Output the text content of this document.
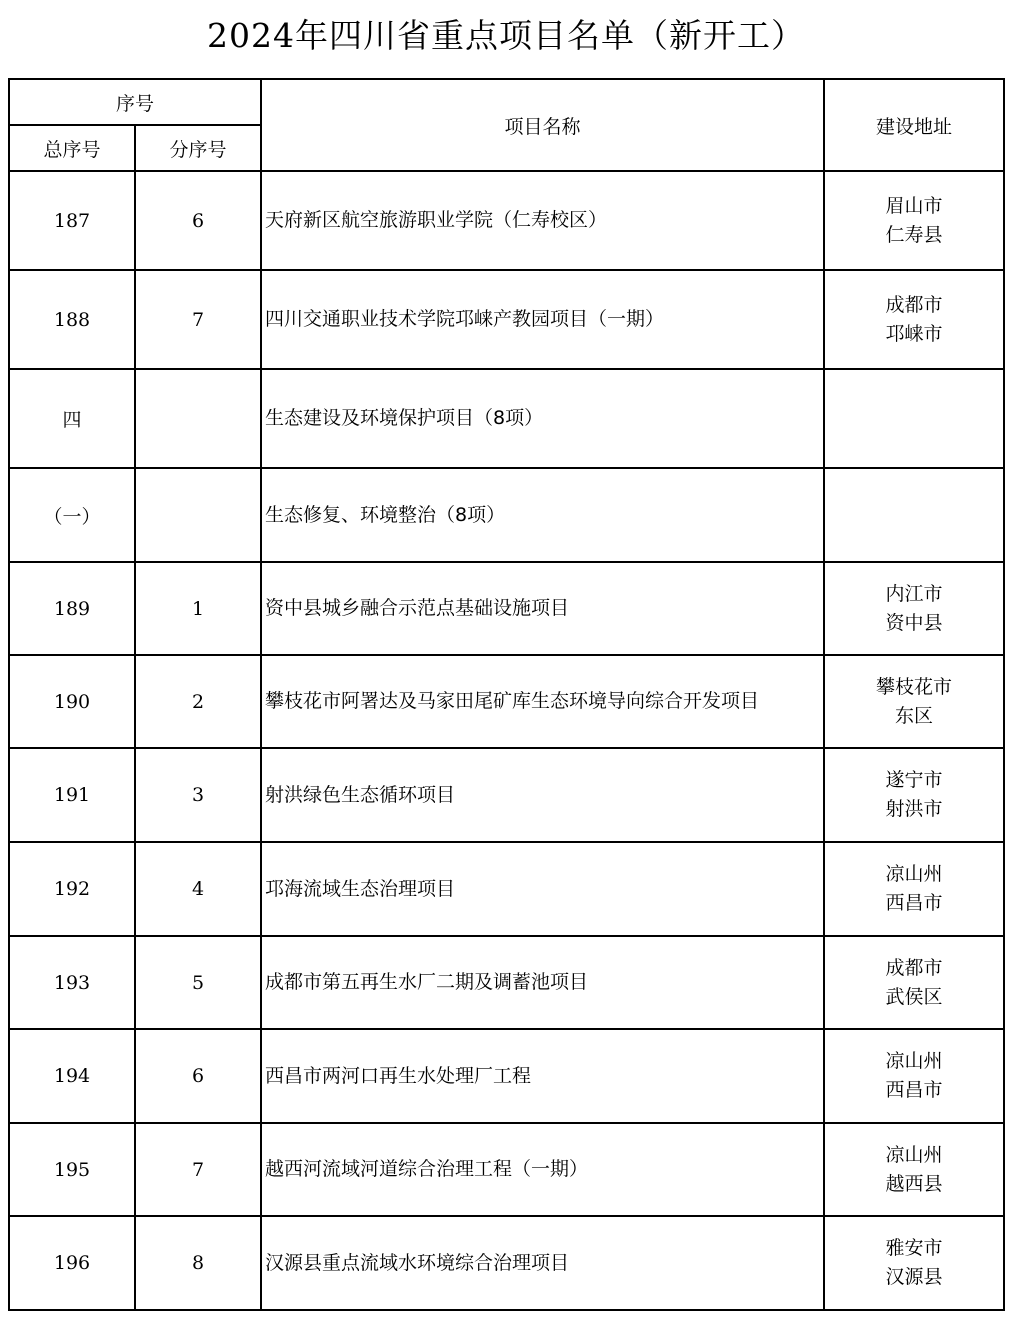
2024年四川省重点项目名单（新开工）
序号		项目名称	建设地址
总序号	分序号		
187	6	天府新区航空旅游职业学院（仁寿校区）	眉山市
仁寿县

188	7	四川交通职业技术学院邛崃产教园项目（一期）	成都市
邛崃市

四		生态建设及环境保护项目（8项）	

（一）		生态修复、环境整治（8项）	

189	1	资中县城乡融合示范点基础设施项目	内江市
资中县

190	2	攀枝花市阿署达及马家田尾矿库生态环境导向综合开发项目	攀枝花市
东区

191	3	射洪绿色生态循环项目	遂宁市
射洪市

192	4	邛海流域生态治理项目	凉山州
西昌市

193	5	成都市第五再生水厂二期及调蓄池项目	成都市
武侯区

194	6	西昌市两河口再生水处理厂工程	凉山州
西昌市

195	7	越西河流域河道综合治理工程（一期）	凉山州
越西县

196	8	汉源县重点流域水环境综合治理项目	雅安市
汉源县
